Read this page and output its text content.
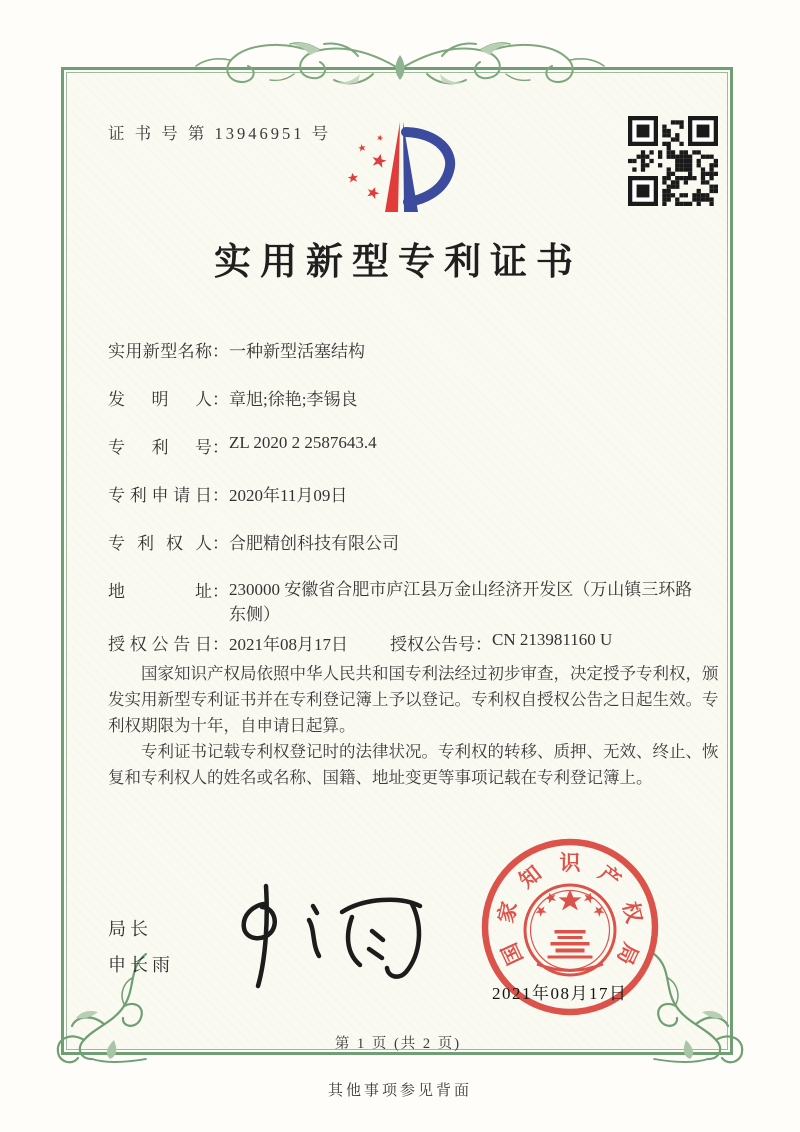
证 书 号 第 13946951 号
实用新型专利证书
实用新型名称：一种新型活塞结构
发明人：章旭;徐艳;李锡良
专利号：ZL 2020 2 2587643.4
专利申请日：2020年11月09日
专利权人：合肥精创科技有限公司
地址：230000 安徽省合肥市庐江县万金山经济开发区（万山镇三环路东侧）
授权公告日：2021年08月17日 授权公告号：CN 213981160 U

国家知识产权局依照中华人民共和国专利法经过初步审查，决定授予专利权，颁发实用新型专利证书并在专利登记簿上予以登记。专利权自授权公告之日起生效。专利权期限为十年，自申请日起算。

专利证书记载专利权登记时的法律状况。专利权的转移、质押、无效、终止、恢复和专利权人的姓名或名称、国籍、地址变更等事项记载在专利登记簿上。

局长
申长雨	国
家
知 识 产
权
局
2021年08月17日
第 1 页 (共 2 页)
其他事项参见背面
